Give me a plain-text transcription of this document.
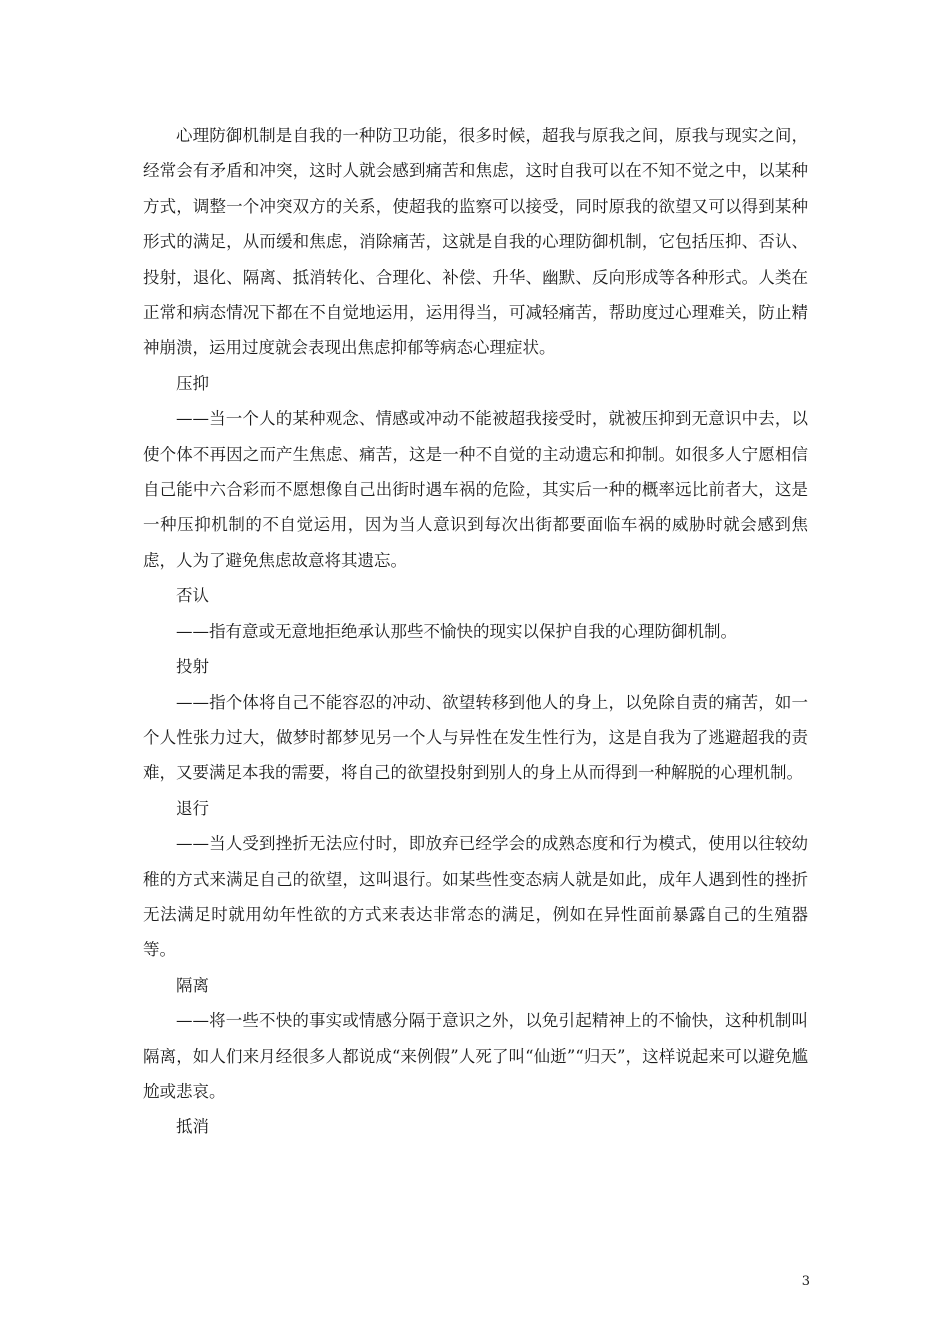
心理防御机制是自我的一种防卫功能，很多时候，超我与原我之间，原我与现实之间，经常会有矛盾和冲突，这时人就会感到痛苦和焦虑，这时自我可以在不知不觉之中，以某种方式，调整一个冲突双方的关系，使超我的监察可以接受，同时原我的欲望又可以得到某种形式的满足，从而缓和焦虑，消除痛苦，这就是自我的心理防御机制，它包括压抑、否认、投射，退化、隔离、抵消转化、合理化、补偿、升华、幽默、反向形成等各种形式。人类在正常和病态情况下都在不自觉地运用，运用得当，可减轻痛苦，帮助度过心理难关，防止精神崩溃，运用过度就会表现出焦虑抑郁等病态心理症状。

压抑

——当一个人的某种观念、情感或冲动不能被超我接受时，就被压抑到无意识中去，以使个体不再因之而产生焦虑、痛苦，这是一种不自觉的主动遗忘和抑制。如很多人宁愿相信自己能中六合彩而不愿想像自己出街时遇车祸的危险，其实后一种的概率远比前者大，这是一种压抑机制的不自觉运用，因为当人意识到每次出街都要面临车祸的威胁时就会感到焦虑，人为了避免焦虑故意将其遗忘。

否认

——指有意或无意地拒绝承认那些不愉快的现实以保护自我的心理防御机制。

投射

——指个体将自己不能容忍的冲动、欲望转移到他人的身上，以免除自责的痛苦，如一个人性张力过大，做梦时都梦见另一个人与异性在发生性行为，这是自我为了逃避超我的责难，又要满足本我的需要，将自己的欲望投射到别人的身上从而得到一种解脱的心理机制。

退行

——当人受到挫折无法应付时，即放弃已经学会的成熟态度和行为模式，使用以往较幼稚的方式来满足自己的欲望，这叫退行。如某些性变态病人就是如此，成年人遇到性的挫折无法满足时就用幼年性欲的方式来表达非常态的满足，例如在异性面前暴露自己的生殖器等。

隔离

——将一些不快的事实或情感分隔于意识之外，以免引起精神上的不愉快，这种机制叫隔离，如人们来月经很多人都说成“来例假”人死了叫“仙逝”“归天”，这样说起来可以避免尴尬或悲哀。

抵消

3
